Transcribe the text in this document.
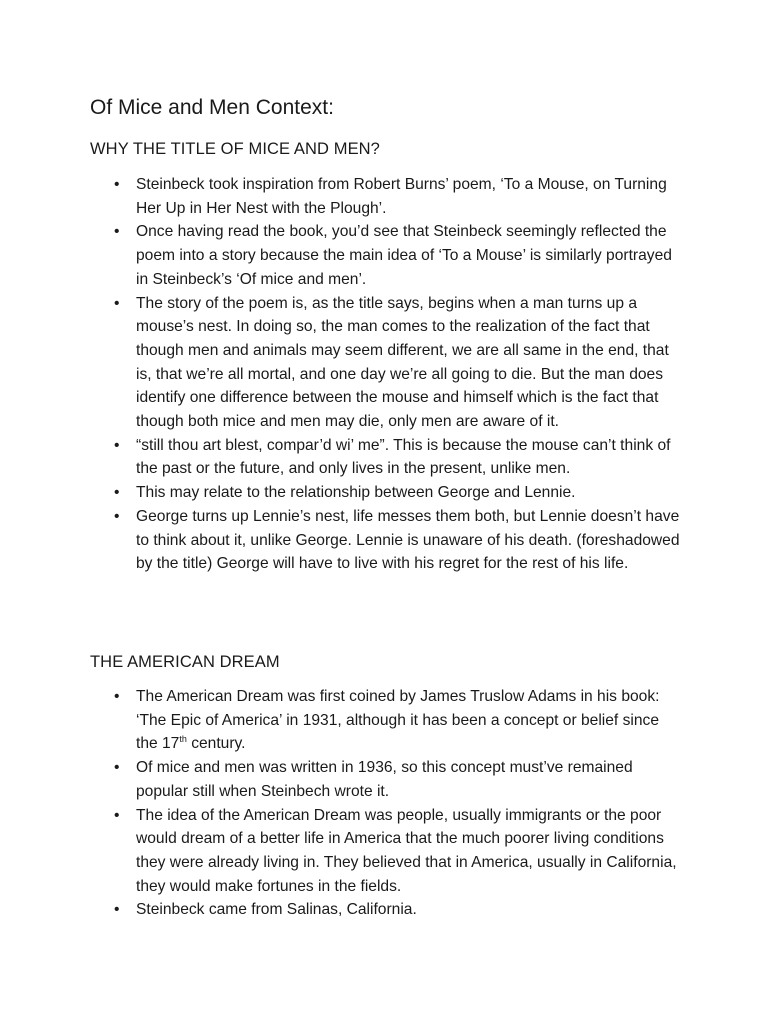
Of Mice and Men Context:
WHY THE TITLE OF MICE AND MEN?
• Steinbeck took inspiration from Robert Burns’ poem, ‘To a Mouse, on Turning Her Up in Her Nest with the Plough’.
• Once having read the book, you’d see that Steinbeck seemingly reflected the poem into a story because the main idea of ‘To a Mouse’ is similarly portrayed in Steinbeck’s ‘Of mice and men’.
• The story of the poem is, as the title says, begins when a man turns up a mouse’s nest. In doing so, the man comes to the realization of the fact that though men and animals may seem different, we are all same in the end, that is, that we’re all mortal, and one day we’re all going to die. But the man does identify one difference between the mouse and himself which is the fact that though both mice and men may die, only men are aware of it.
• “still thou art blest, compar’d wi’ me”. This is because the mouse can’t think of the past or the future, and only lives in the present, unlike men.
• This may relate to the relationship between George and Lennie.
• George turns up Lennie’s nest, life messes them both, but Lennie doesn’t have to think about it, unlike George. Lennie is unaware of his death. (foreshadowed by the title) George will have to live with his regret for the rest of his life.
THE AMERICAN DREAM
• The American Dream was first coined by James Truslow Adams in his book: ‘The Epic of America’ in 1931, although it has been a concept or belief since the 17th century.
• Of mice and men was written in 1936, so this concept must’ve remained popular still when Steinbech wrote it.
• The idea of the American Dream was people, usually immigrants or the poor would dream of a better life in America that the much poorer living conditions they were already living in. They believed that in America, usually in California, they would make fortunes in the fields.
• Steinbeck came from Salinas, California.
